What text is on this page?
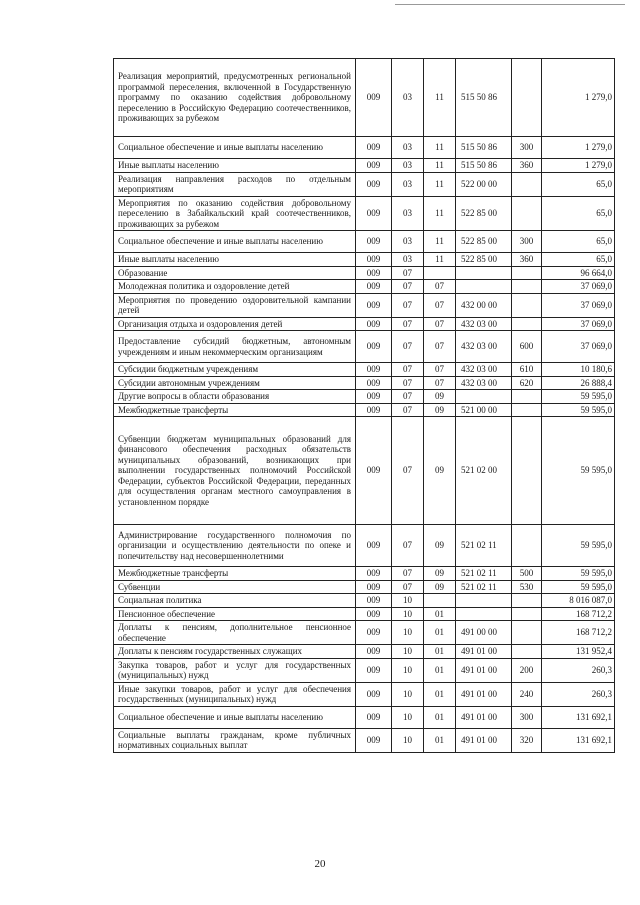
Реализация мероприятий, предусмотренных региональной программой переселения, включенной в Государственную программу по оказанию содействия добровольному переселению в Российскую Федерацию соотечественников, проживающих за рубежом	009	03	11	515 50 86		1 279,0
Социальное обеспечение и иные выплаты населению	009	03	11	515 50 86	300	1 279,0
Иные выплаты населению	009	03	11	515 50 86	360	1 279,0
Реализация направления расходов по отдельным мероприятиям	009	03	11	522 00 00		65,0
Мероприятия по оказанию содействия добровольному переселению в Забайкальский край соотечественников, проживающих за рубежом	009	03	11	522 85 00		65,0
Социальное обеспечение и иные выплаты населению	009	03	11	522 85 00	300	65,0
Иные выплаты населению	009	03	11	522 85 00	360	65,0
Образование	009	07				96 664,0
Молодежная политика и оздоровление детей	009	07	07			37 069,0
Мероприятия по проведению оздоровительной кампании детей	009	07	07	432 00 00		37 069,0
Организация отдыха и оздоровления детей	009	07	07	432 03 00		37 069,0
Предоставление субсидий бюджетным, автономным учреждениям и иным некоммерческим организациям	009	07	07	432 03 00	600	37 069,0
Субсидии бюджетным учреждениям	009	07	07	432 03 00	610	10 180,6
Субсидии автономным учреждениям	009	07	07	432 03 00	620	26 888,4
Другие вопросы в области образования	009	07	09			59 595,0
Межбюджетные трансферты	009	07	09	521 00 00		59 595,0
Субвенции бюджетам муниципальных образований для финансового обеспечения расходных обязательств муниципальных образований, возникающих при выполнении государственных полномочий Российской Федерации, субъектов Российской Федерации, переданных для осуществления органам местного самоуправления в установленном порядке	009	07	09	521 02 00		59 595,0
Администрирование государственного полномочия по организации и осуществлению деятельности по опеке и попечительству над несовершеннолетними	009	07	09	521 02 11		59 595,0
Межбюджетные трансферты	009	07	09	521 02 11	500	59 595,0
Субвенции	009	07	09	521 02 11	530	59 595,0
Социальная политика	009	10				8 016 087,0
Пенсионное обеспечение	009	10	01			168 712,2
Доплаты к пенсиям, дополнительное пенсионное обеспечение	009	10	01	491 00 00		168 712,2
Доплаты к пенсиям государственных служащих	009	10	01	491 01 00		131 952,4
Закупка товаров, работ и услуг для государственных (муниципальных) нужд	009	10	01	491 01 00	200	260,3
Иные закупки товаров, работ и услуг для обеспечения государственных (муниципальных) нужд	009	10	01	491 01 00	240	260,3
Социальное обеспечение и иные выплаты населению	009	10	01	491 01 00	300	131 692,1
Социальные выплаты гражданам, кроме публичных нормативных социальных выплат	009	10	01	491 01 00	320	131 692,1
20
